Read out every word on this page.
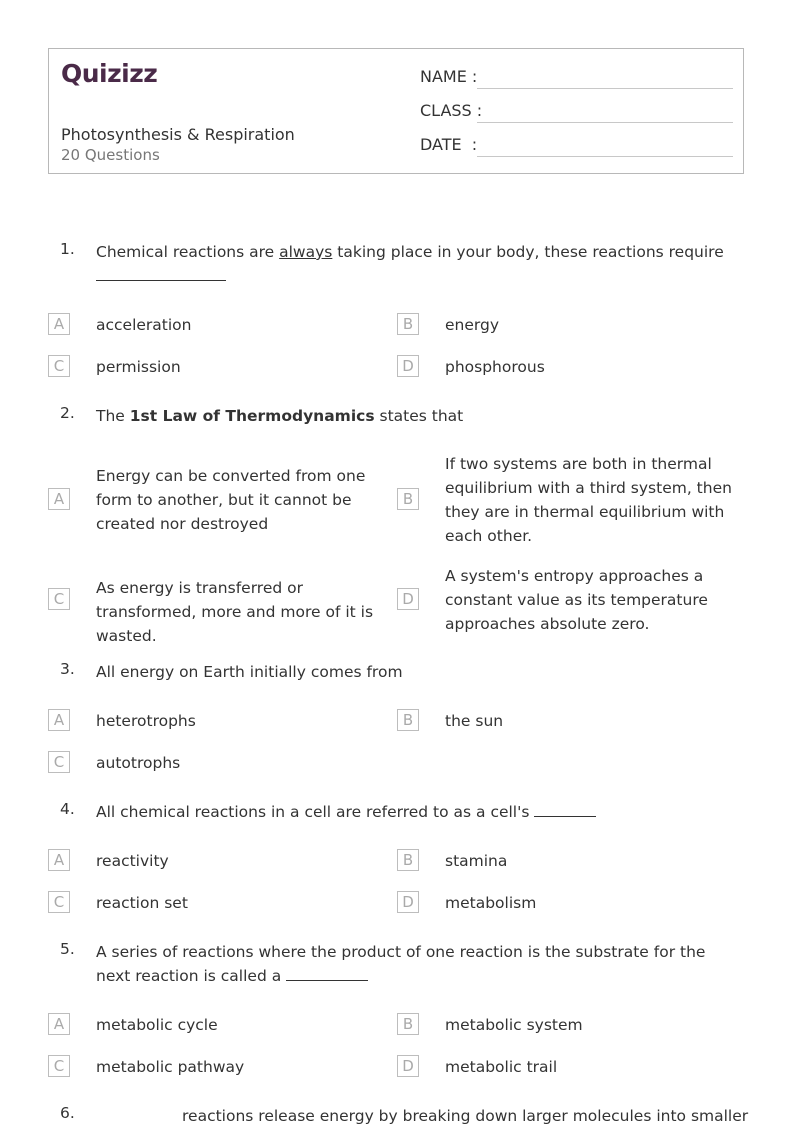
Quizizz
Photosynthesis & Respiration
20 Questions
NAME :
CLASS :
DATE  :
1. Chemical reactions are always taking place in your body, these reactions require

A	acceleration	B	energy
C	permission	D	phosphorous
2. The 1st Law of Thermodynamics states that
A
Energy can be converted from one form to another, but it cannot be created nor destroyed
B
If two systems are both in thermal equilibrium with a third system, then they are in thermal equilibrium with each other.
C
As energy is transferred or transformed, more and more of it is wasted.
D
A system's entropy approaches a constant value as its temperature approaches absolute zero.
3. All energy on Earth initially comes from
A	heterotrophs	B	the sun
C	autotrophs
4. All chemical reactions in a cell are referred to as a cell's
A	reactivity	B	stamina
C	reaction set	D	metabolism
5. A series of reactions where the product of one reaction is the substrate for the next reaction is called a
A	metabolic cycle	B	metabolic system
C	metabolic pathway	D	metabolic trail
6.	reactions release energy by breaking down larger molecules into smaller
